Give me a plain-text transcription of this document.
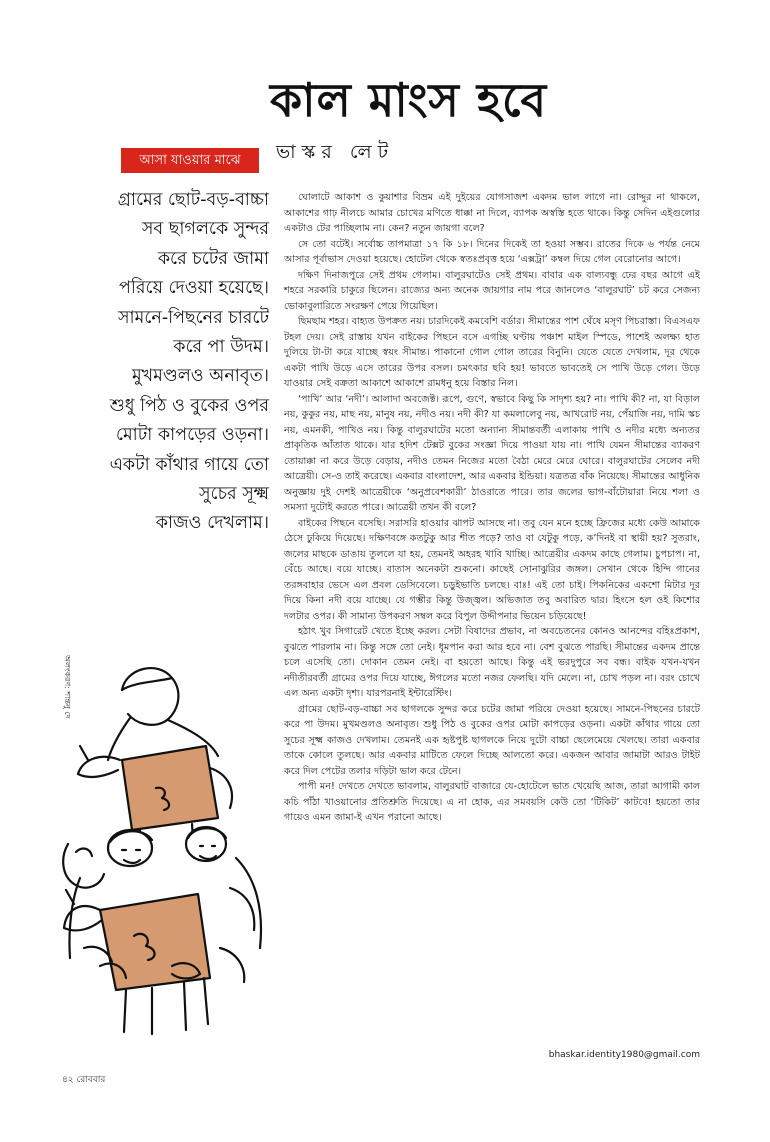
কাল মাংস হবে
আসা যাওয়ার মাঝে	ভাস্কর লেট
গ্রামের ছোট-বড়-বাচ্চা
সব ছাগলকে সুন্দর
করে চটের জামা
পরিয়ে দেওয়া হয়েছে।
সামনে-পিছনের চারটে
করে পা উদম।
মুখমণ্ডলও অনাবৃত।
শুধু পিঠ ও বুকের ওপর
মোটা কাপড়ের ওড়না।
একটা কাঁথার গায়ে তো
সুচের সূক্ষ্ম
কাজও দেখলাম।
অলংকরণ: শান্তনু দে

ঘোলাটে আকাশ ও কুয়াশার বিভ্রম এই দুইয়ের যোগসাজশ একদম ভাল লাগে না। রোদ্দুর না থাকলে, আকাশের গাঢ় নীলচে আমার চোখের মণিতে ধাক্কা না দিলে, ব্যাপক অস্বস্তি হতে থাকে। কিন্তু সেদিন এইগুলোর একটাও টের পাচ্ছিলাম না। কেন? নতুন জায়গা বলে?

সে তো বটেই। সর্বোচ্চ তাপমাত্রা ১৭ কি ১৮। দিনের দিকেই তা হওয়া সম্ভব। রাতের দিকে ৬ পর্যন্ত নেমে আসার পূর্বাভাস দেওয়া হয়েছে। হোটেল থেকে স্বতঃপ্রবৃত্ত হয়ে ‘এক্সট্রা’ কম্বল দিয়ে গেল বেরোনোর আগে।

দক্ষিণ দিনাজপুরে সেই প্রথম গেলাম। বালুরঘাটেও সেই প্রথম। বাবার এক বাল্যবন্ধু ঢের বছর আগে এই শহরে সরকারি চাকুরে ছিলেন। রাজ্যের অন্য অনেক জায়গার নাম পরে জানলেও ‘বালুরঘাট’ চট করে সেজন্য ভোকাবুলারিতে সংরক্ষণ পেয়ে গিয়েছিল।

ছিমছাম শহর। বাহ্যত উপক্রত নয়। চারদিকেই কমবেশি বর্ডার। সীমান্তের পাশ ঘেঁষে মসৃণ পিচরাস্তা। বিএসএফ টহল দেয়। সেই রাস্তায় যখন বাইকের পিছনে বসে এগচ্ছি ঘণ্টায় পঞ্চাশ মাইল স্পিডে, পাশেই অলক্ষ্য হাত দুলিয়ে টা-টা করে যাচ্ছে স্বয়ং সীমান্ত। পাকানো গোল গোল তারের বিনুনি। যেতে যেতে দেখলাম, দূর থেকে একটা পাখি উড়ে এসে তারের উপর বসল। চমৎকার ছবি হয়! ভাবতে ভাবতেই সে পাখি উড়ে গেল। উড়ে যাওয়ার সেই বক্রতা আকাশে আকাশে রামধনু হয়ে বিস্তার নিল।

‘পাখি’ আর ‘নদী’। আলাদা অবজেক্ট। রূপে, গুণে, স্বভাবে কিছু কি সাদৃশ্য হয়? না। পাখি কী? না, যা বিড়াল নয়, কুকুর নয়, মাছ নয়, মানুষ নয়, নদীও নয়। নদী কী? যা কমলালেবু নয়, আখরোট নয়, পেঁয়াজি নয়, দামি স্কচ নয়, এমনকী, পাখিও নয়। কিন্তু বালুরঘাটের মতো অন্যান্য সীমান্তবর্তী এলাকায় পাখি ও নদীর মধ্যে অন্যতর প্রাকৃতিক আঁতাত থাকে। যার হদিশ টেক্সট বুকের সংজ্ঞা দিয়ে পাওয়া যায় না। পাখি যেমন সীমান্তের ব্যাকরণ তোয়াক্কা না করে উড়ে বেড়ায়, নদীও তেমন নিজের মতো বৈঠা মেরে মেরে ঘোরে। বালুরঘাটের সেলেব নদী আত্রেয়ী। সে-ও তাই করেছে। একবার বাংলাদেশ, আর একবার ইন্ডিয়া। যত্রতত্র বাঁক নিয়েছে। সীমান্তের আধুনিক অনুজ্ঞায় দুই দেশই আত্রেয়ীকে ‘অনুপ্রবেশকারী’ ঠাওরাতে পারে। তার জলের ভাগ-বাঁটোয়ারা নিয়ে শলা ও সমস্যা দুটোই করতে পারে। আত্রেয়ী তখন কী বলে?

বাইকের পিছনে বসেছি। সরাসরি হাওয়ার ঝাপট আসছে না। তবু যেন মনে হচ্ছে ফ্রিজের মধ্যে কেউ আমাকে ঠেসে ঢুকিয়ে দিয়েছে। দক্ষিণবঙ্গে কতটুকু আর শীত পড়ে? তাও বা যেটুকু পড়ে, ক’দিনই বা স্থায়ী হয়? সুতরাং, জলের মাছকে ডাঙায় তুললে যা হয়, তেমনই অহরহ খাবি খাচ্ছি। আত্রেয়ীর একদম কাছে গেলাম। চুপচাপ। না, বেঁচে আছে। বয়ে যাচ্ছে। বাতাস অনেকটা শুকনো। কাছেই সোনাঝুরির জঙ্গল। সেখান থেকে হিন্দি গানের তরঙ্গবাহার ভেসে এল প্রবল ডেসিবেলে। চড়ুইভাতি চলছে। বাঃ! এই তো চাই। পিকনিকের একশো মিটার দূর দিয়ে কিনা নদী বয়ে যাচ্ছে। যে গম্ভীর কিন্তু উজ্জ্বল। অভিজাত তবু অবারিত দ্বার। হিংসে হল ওই কিশোর দলটার ওপর। কী সামান্য উপকরণ সম্বল করে বিপুল উদ্দীপনার ভিয়েন চড়িয়েছে!

হঠাৎ খুব সিগারেট খেতে ইচ্ছে করল। সেটা বিষাদের প্রভাব, না অবচেতনের কোনও আনন্দের বহিঃপ্রকাশ, বুঝতে পারলাম না। কিন্তু সঙ্গে তো নেই। ধূমপান করা আর হবে না। বেশ বুঝতে পারছি। সীমান্তের একদম প্রান্তে চলে এসেছি তো। দোকান তেমন নেই। বা হয়তো আছে। কিন্তু এই ভরদুপুরে সব বন্ধ। বাইক যখন-যখন নদীতীরবর্তী গ্রামের ওপর দিয়ে যাচ্ছে, ঈগলের মতো নজর ফেলছি। যদি মেলে। না, চোখ পড়ল না। বরং চোখে এল অন্য একটা দৃশ্য। যারপরনাই ইন্টারেস্টিং।

গ্রামের ছোট-বড়-বাচ্চা সব ছাগলকে সুন্দর করে চটের জামা পরিয়ে দেওয়া হয়েছে। সামনে-পিছনের চারটে করে পা উদম। মুখমণ্ডলও অনাবৃত। শুধু পিঠ ও বুকের ওপর মোটা কাপড়ের ওড়না। একটা কাঁথার গায়ে তো সুচের সূক্ষ্ম কাজও দেখলাম। তেমনই এক হৃষ্টপুষ্ট ছাগলকে নিয়ে দুটো বাচ্চা ছেলেমেয়ে খেলছে। তারা একবার তাকে কোলে তুলছে। আর একবার মাটিতে ফেলে দিচ্ছে আলতো করে। একজন আবার জামাটা আরও টাইট করে দিল পেটের তলার দড়িটা ভাল করে টেনে।

পাপী মন! দেখতে দেখতে ভাবলাম, বালুরঘাট বাজারে যে-হোটেলে ভাত খেয়েছি আজ, তারা আগামী কাল কচি পাঁঠা খাওয়ানোর প্রতিশ্রুতি দিয়েছে। এ না হোক, এর সমবয়সি কেউ তো ‘টিকিট’ কাটবে! হয়তো তার গায়েও এমন জামা-ই এখন পরানো আছে।

bhaskar.identity1980@gmail.com
৪২ রোববার
